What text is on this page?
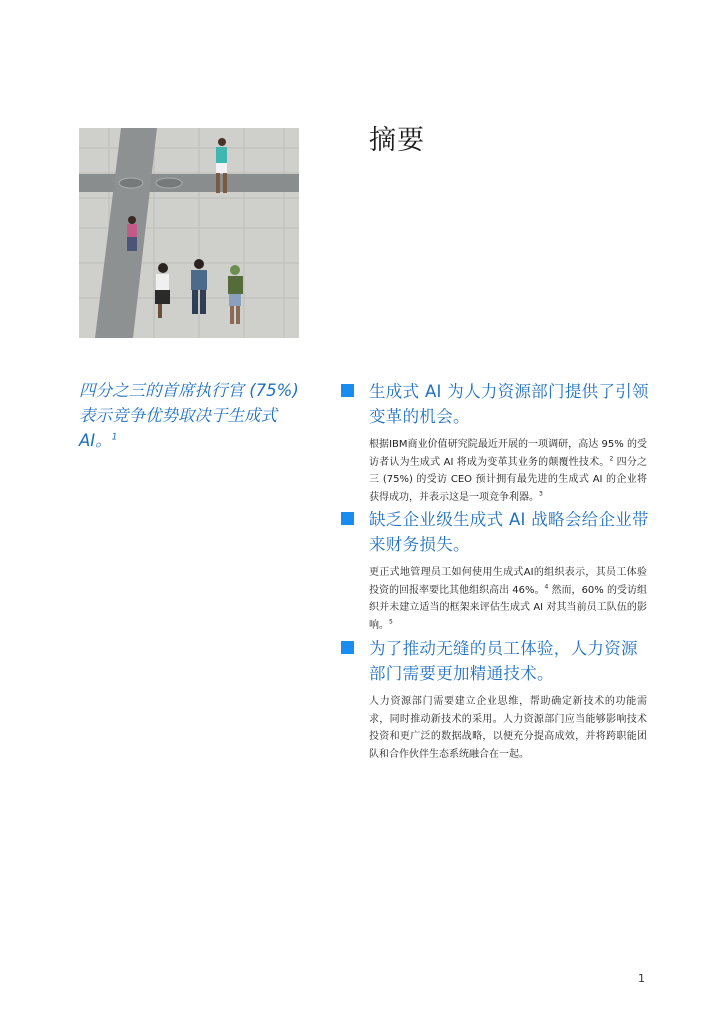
摘要
四分之三的首席执行官 (75%) 表示竞争优势取决于生成式 AI。$^1$
生成式 AI 为人力资源部门提供了引领变革的机会。
根据IBM商业价值研究院最近开展的一项调研，高达 95% 的受访者认为生成式 AI 将成为变革其业务的颠覆性技术。$^2$ 四分之三 (75%) 的受访 CEO 预计拥有最先进的生成式 AI 的企业将获得成功，并表示这是一项竞争利器。$^3$
缺乏企业级生成式 AI 战略会给企业带来财务损失。
更正式地管理员工如何使用生成式AI的组织表示，其员工体验投资的回报率要比其他组织高出 46%。$^4$ 然而，60% 的受访组织并未建立适当的框架来评估生成式 AI 对其当前员工队伍的影响。$^5$
为了推动无缝的员工体验，人力资源部门需要更加精通技术。
人力资源部门需要建立企业思维，帮助确定新技术的功能需求，同时推动新技术的采用。人力资源部门应当能够影响技术投资和更广泛的数据战略，以便充分提高成效，并将跨职能团队和合作伙伴生态系统融合在一起。
1
